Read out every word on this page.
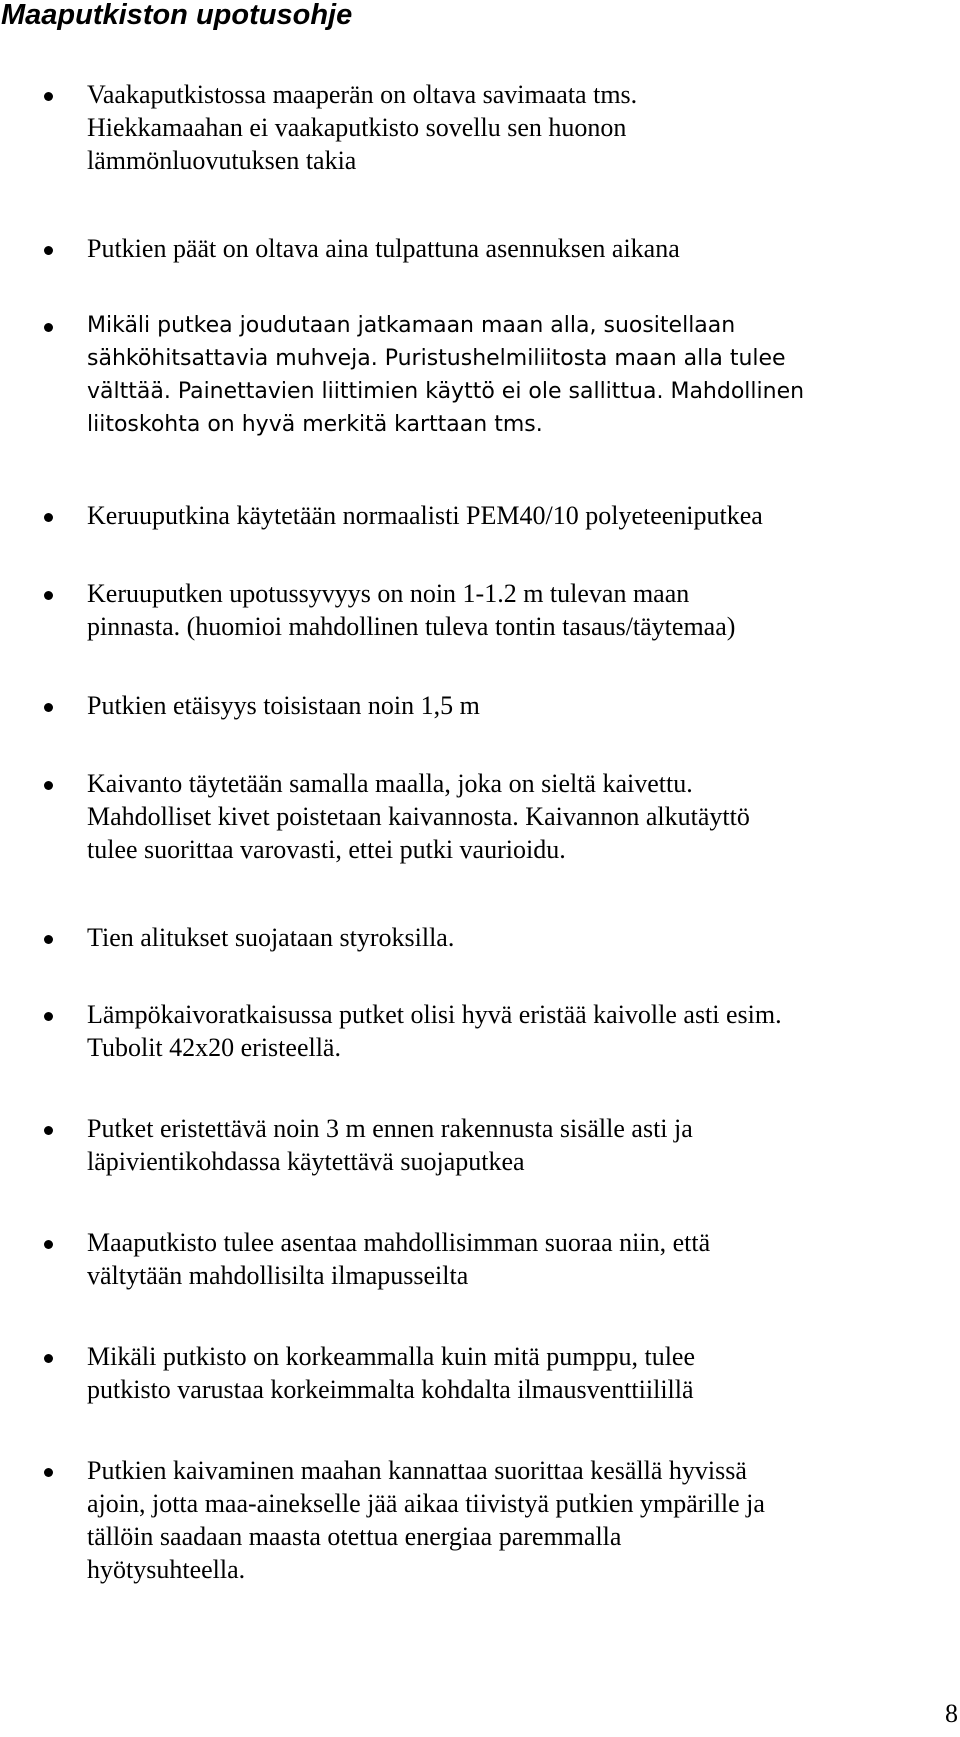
Maaputkiston upotusohje
Vaakaputkistossa maaperän on oltava savimaata tms.
Hiekkamaahan ei vaakaputkisto sovellu sen huonon
lämmönluovutuksen takia
Putkien päät on oltava aina tulpattuna asennuksen aikana
Mikäli putkea joudutaan jatkamaan maan alla, suositellaan
sähköhitsattavia muhveja. Puristushelmiliitosta maan alla tulee
välttää. Painettavien liittimien käyttö ei ole sallittua. Mahdollinen
liitoskohta on hyvä merkitä karttaan tms.
Keruuputkina käytetään normaalisti PEM40/10 polyeteeniputkea
Keruuputken upotussyvyys on noin 1-1.2 m tulevan maan
pinnasta. (huomioi mahdollinen tuleva tontin tasaus/täytemaa)
Putkien etäisyys toisistaan noin 1,5 m
Kaivanto täytetään samalla maalla, joka on sieltä kaivettu.
Mahdolliset kivet poistetaan kaivannosta. Kaivannon alkutäyttö
tulee suorittaa varovasti, ettei putki vaurioidu.
Tien alitukset suojataan styroksilla.
Lämpökaivoratkaisussa putket olisi hyvä eristää kaivolle asti esim.
Tubolit 42x20 eristeellä.
Putket eristettävä noin 3 m ennen rakennusta sisälle asti ja
läpivientikohdassa käytettävä suojaputkea
Maaputkisto tulee asentaa mahdollisimman suoraa niin, että
vältytään mahdollisilta ilmapusseilta
Mikäli putkisto on korkeammalla kuin mitä pumppu, tulee
putkisto varustaa korkeimmalta kohdalta ilmausventtiilillä
Putkien kaivaminen maahan kannattaa suorittaa kesällä hyvissä
ajoin, jotta maa-ainekselle jää aikaa tiivistyä putkien ympärille ja
tällöin saadaan maasta otettua energiaa paremmalla
hyötysuhteella.
8
